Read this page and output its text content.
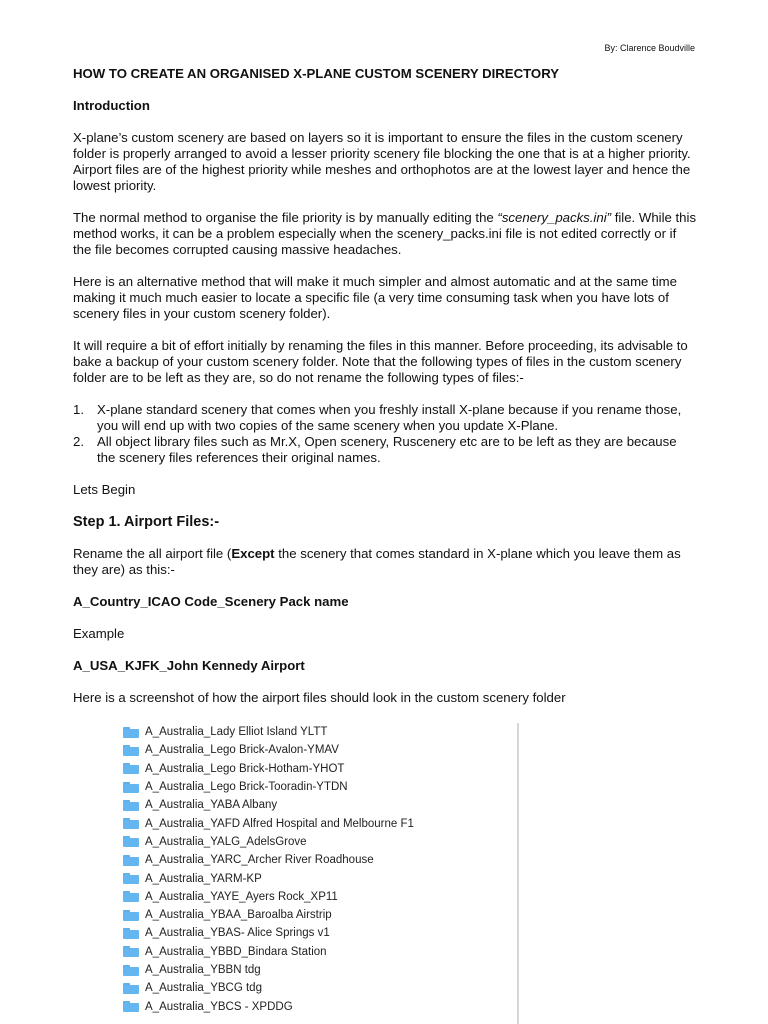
By: Clarence Boudville

HOW TO CREATE AN ORGANISED X-PLANE CUSTOM SCENERY DIRECTORY

Introduction

X-plane’s custom scenery are based on layers so it is important to ensure the files in the custom scenery folder is properly arranged to avoid a lesser priority scenery file blocking the one that is at a higher priority. Airport files are of the highest priority while meshes and orthophotos are at the lowest layer and hence the lowest priority.

The normal method to organise the file priority is by manually editing the “scenery_packs.ini” file. While this method works, it can be a problem especially when the scenery_packs.ini file is not edited correctly or if the file becomes corrupted causing massive headaches.

Here is an alternative method that will make it much simpler and almost automatic and at the same time making it much much easier to locate a specific file (a very time consuming task when you have lots of scenery files in your custom scenery folder).

It will require a bit of effort initially by renaming the files in this manner. Before proceeding, its advisable to bake a backup of your custom scenery folder. Note that the following types of files in the custom scenery folder are to be left as they are, so do not rename the following types of files:-

1. X-plane standard scenery that comes when you freshly install X-plane because if you rename those, you will end up with two copies of the same scenery when you update X-Plane.
2. All object library files such as Mr.X, Open scenery, Ruscenery etc are to be left as they are because the scenery files references their original names.

Lets Begin

Step 1. Airport Files:-

Rename the all airport file (Except the scenery that comes standard in X-plane which you leave them as they are) as this:-

A_Country_ICAO Code_Scenery Pack name

Example

A_USA_KJFK_John Kennedy Airport

Here is a screenshot of how the airport files should look in the custom scenery folder

A_Australia_Lady Elliot Island YLTT
A_Australia_Lego Brick-Avalon-YMAV
A_Australia_Lego Brick-Hotham-YHOT
A_Australia_Lego Brick-Tooradin-YTDN
A_Australia_YABA Albany
A_Australia_YAFD Alfred Hospital and Melbourne F1
A_Australia_YALG_AdelsGrove
A_Australia_YARC_Archer River Roadhouse
A_Australia_YARM-KP
A_Australia_YAYE_Ayers Rock_XP11
A_Australia_YBAA_Baroalba Airstrip
A_Australia_YBAS- Alice Springs v1
A_Australia_YBBD_Bindara Station
A_Australia_YBBN tdg
A_Australia_YBCG tdg
A_Australia_YBCS - XPDDG
